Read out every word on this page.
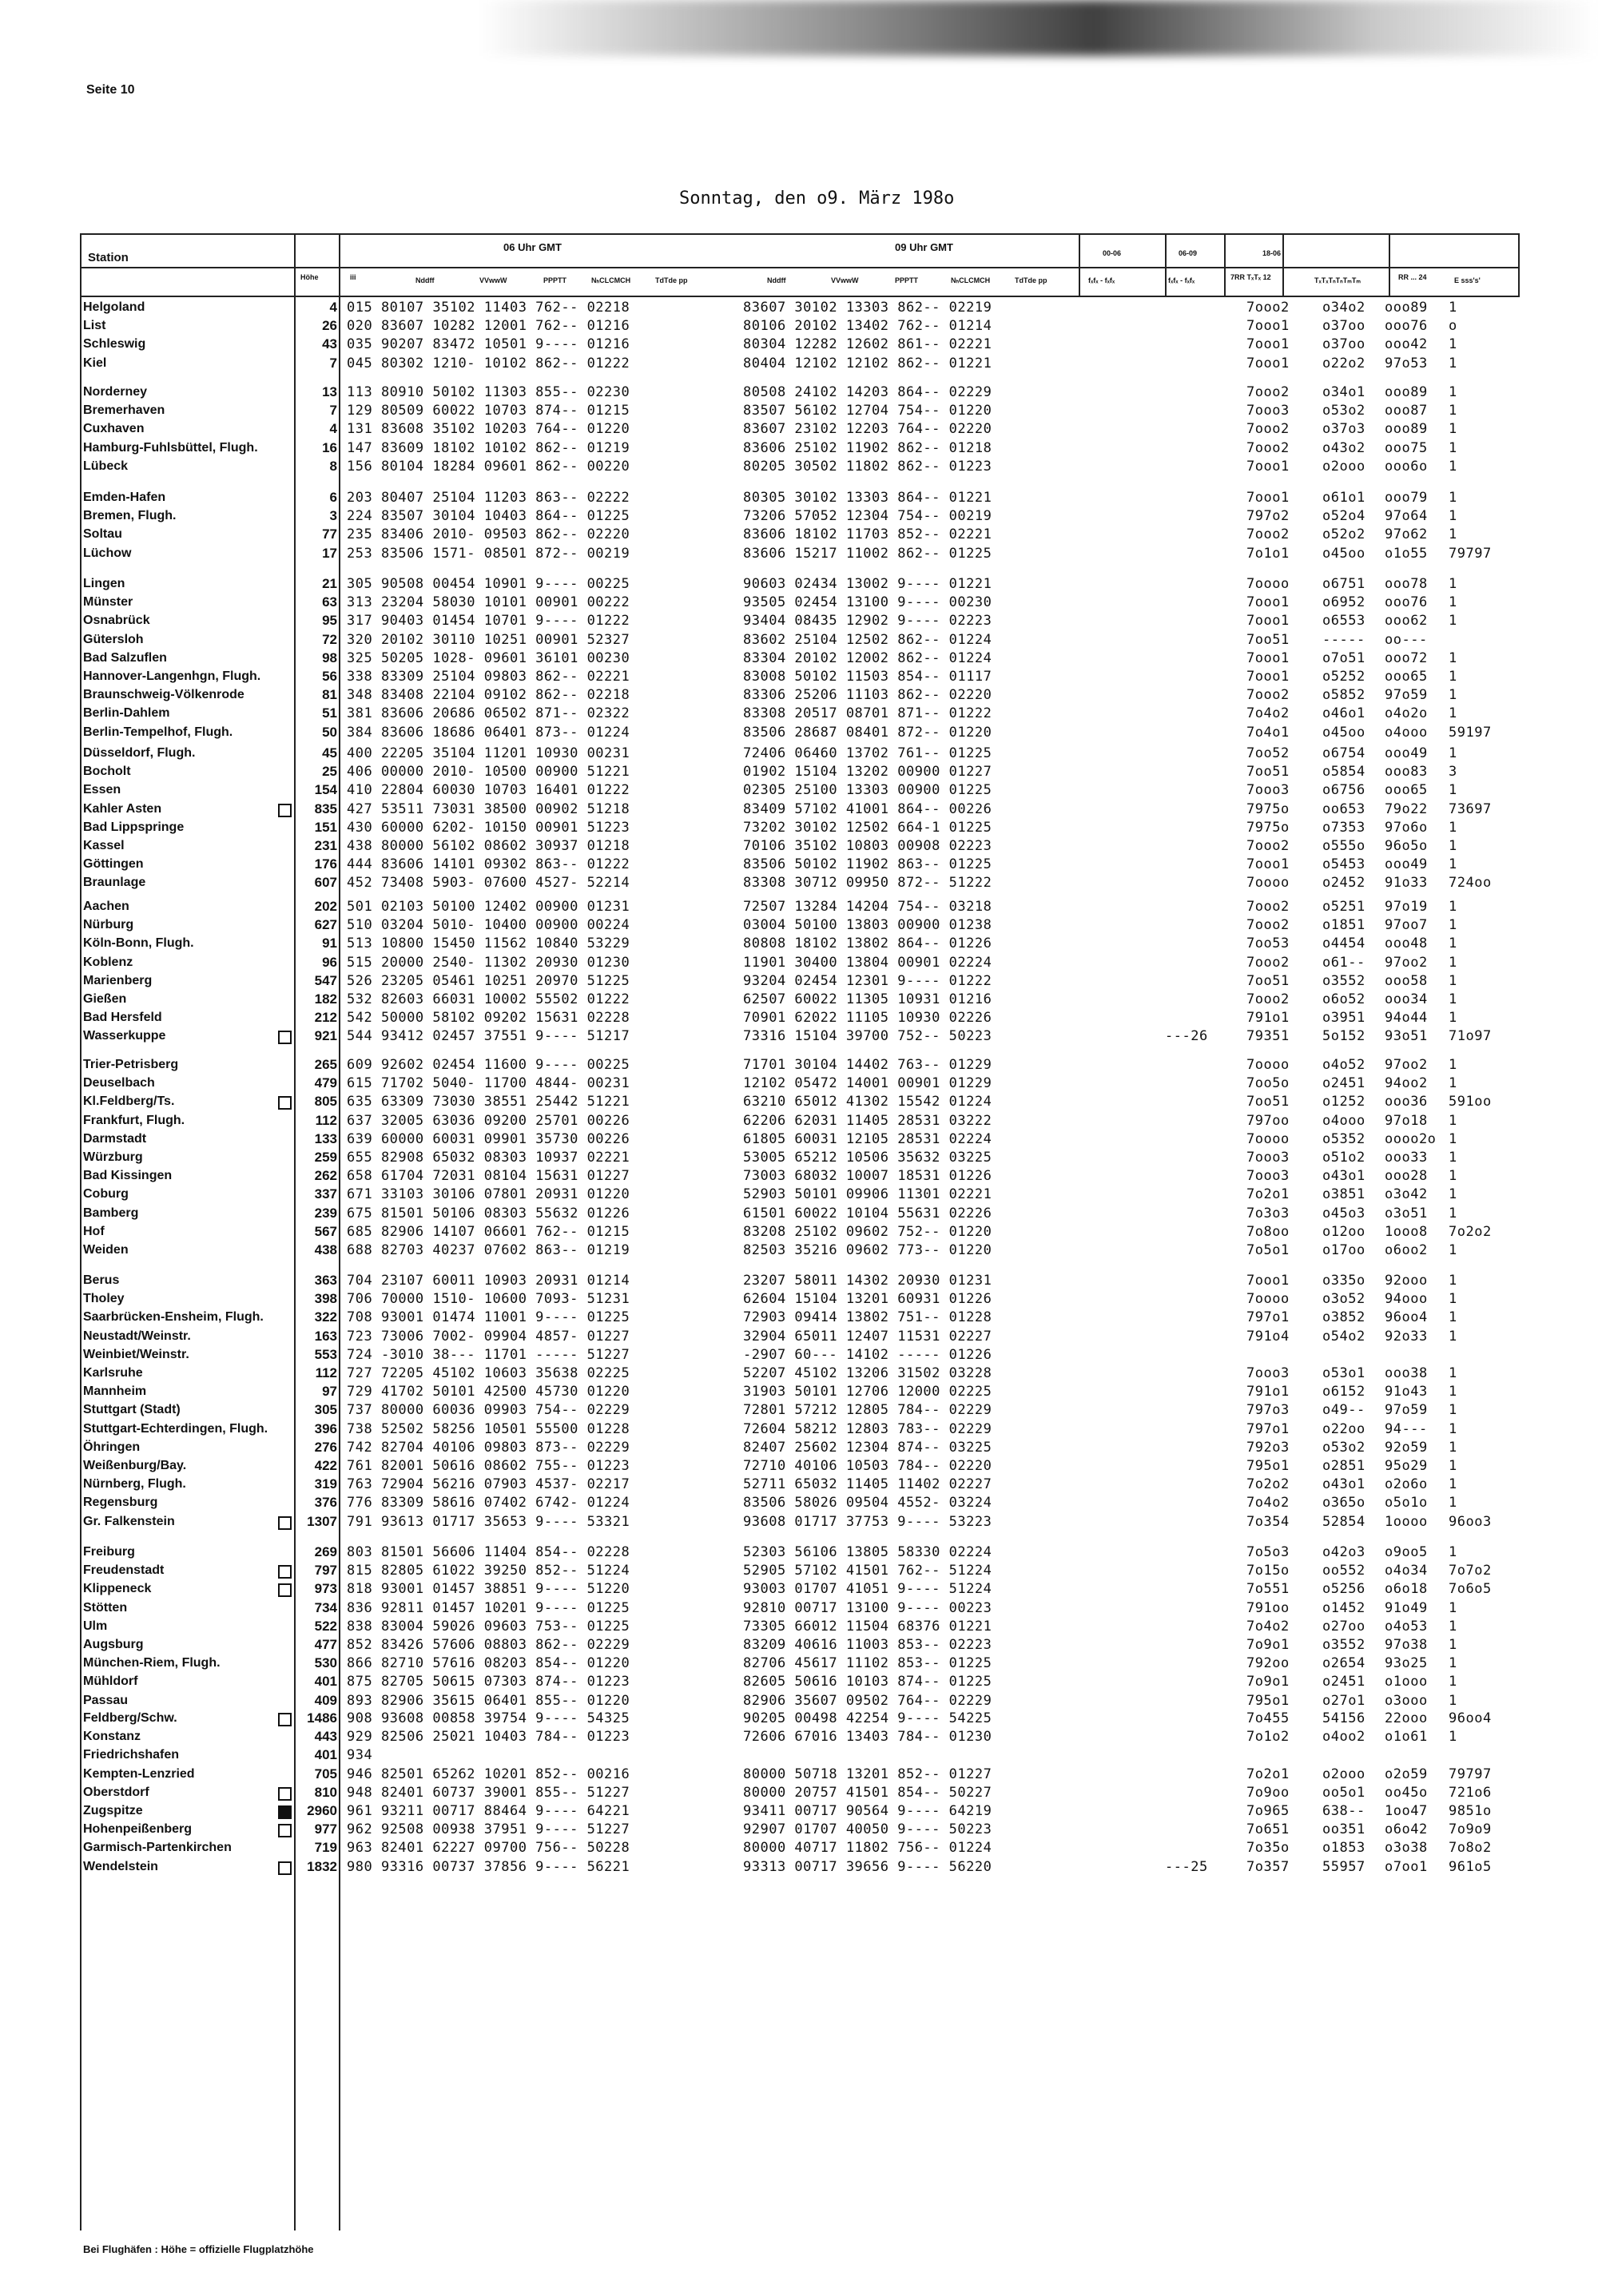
Seite 10
Sonntag, den o9. März 198o
Station
06 Uhr GMT	09 Uhr GMT
Höhe	iii	Nddff	VVwwW	PPPTT	NₕCLCMCH	TdTde pp	Nddff	VVwwW	PPPTT	NₕCLCMCH	TdTde pp
00-06	06-09	18-06
fₓfₓ - fₓfₓ	fₓfₓ - fₓfₓ	7RR TₓTₓ 12	TₓTₓTₙTₙTₘTₘ	RR ... 24	E sss's'
Helgoland	4 015 80107 35102 11403 762-- 02218	83607 30102 13303 862-- 02219	7ooo2 o34o2 ooo89 1
List	26 020 83607 10282 12001 762-- 01216	80106 20102 13402 762-- 01214	7ooo1 o37oo ooo76 o
Schleswig	43 035 90207 83472 10501 9---- 01216	80304 12282 12602 861-- 02221	7ooo1 o37oo ooo42 1
Kiel	7 045 80302 1210- 10102 862-- 01222	80404 12102 12102 862-- 01221	7ooo1 o22o2 97o53 1
Norderney	13 113 80910 50102 11303 855-- 02230	80508 24102 14203 864-- 02229	7ooo2 o34o1 ooo89 1
Bremerhaven	7 129 80509 60022 10703 874-- 01215	83507 56102 12704 754-- 01220	7ooo3 o53o2 ooo87 1
Cuxhaven	4 131 83608 35102 10203 764-- 01220	83607 23102 12203 764-- 02220	7ooo2 o37o3 ooo89 1
Hamburg-Fuhlsbüttel, Flugh.	16 147 83609 18102 10102 862-- 01219	83606 25102 11902 862-- 01218	7ooo2 o43o2 ooo75 1
Lübeck	8 156 80104 18284 09601 862-- 00220	80205 30502 11802 862-- 01223	7ooo1 o2ooo ooo6o 1
Emden-Hafen	6 203 80407 25104 11203 863-- 02222	80305 30102 13303 864-- 01221	7ooo1 o61o1 ooo79 1
Bremen, Flugh.	3 224 83507 30104 10403 864-- 01225	73206 57052 12304 754-- 00219	797o2 o52o4 97o64 1
Soltau	77 235 83406 2010- 09503 862-- 02220	83606 18102 11703 852-- 02221	7ooo2 o52o2 97o62 1
Lüchow	17 253 83506 1571- 08501 872-- 00219	83606 15217 11002 862-- 01225	7o1o1 o45oo o1o55 79797
Lingen	21 305 90508 00454 10901 9---- 00225	90603 02434 13002 9---- 01221	7oooo o6751 ooo78 1
Münster	63 313 23204 58030 10101 00901 00222	93505 02454 13100 9---- 00230	7ooo1 o6952 ooo76 1
Osnabrück	95 317 90403 01454 10701 9---- 01222	93404 08435 12902 9---- 02223	7ooo1 o6553 ooo62 1
Gütersloh	72 320 20102 30110 10251 00901 52327	83602 25104 12502 862-- 01224	7oo51 ----- oo---
Bad Salzuflen	98 325 50205 1028- 09601 36101 00230	83304 20102 12002 862-- 01224	7ooo1 o7o51 ooo72 1
Hannover-Langenhgn, Flugh.	56 338 83309 25104 09803 862-- 02221	83008 50102 11503 854-- 01117	7ooo1 o5252 ooo65 1
Braunschweig-Völkenrode	81 348 83408 22104 09102 862-- 02218	83306 25206 11103 862-- 02220	7ooo2 o5852 97o59 1
Berlin-Dahlem	51 381 83606 20686 06502 871-- 02322	83308 20517 08701 871-- 01222	7o4o2 o46o1 o4o2o 1
Berlin-Tempelhof, Flugh.	50 384 83606 18686 06401 873-- 01224	83506 28687 08401 872-- 01220	7o4o1 o45oo o4ooo 59197
Düsseldorf, Flugh.	45 400 22205 35104 11201 10930 00231	72406 06460 13702 761-- 01225	7oo52 o6754 ooo49 1
Bocholt	25 406 00000 2010- 10500 00900 51221	01902 15104 13202 00900 01227	7oo51 o5854 ooo83 3
Essen	154 410 22804 60030 10703 16401 01222	02305 25100 13303 00900 01225	7ooo3 o6756 ooo65 1
Kahler Asten	835 427 53511 73031 38500 00902 51218	83409 57102 41001 864-- 00226	7975o oo653 79o22 73697
Bad Lippspringe	151 430 60000 6202- 10150 00901 51223	73202 30102 12502 664-1 01225	7975o o7353 97o6o 1
Kassel	231 438 80000 56102 08602 30937 01218	70106 35102 10803 00908 02223	7ooo2 o555o 96o5o 1
Göttingen	176 444 83606 14101 09302 863-- 01222	83506 50102 11902 863-- 01225	7ooo1 o5453 ooo49 1
Braunlage	607 452 73408 5903- 07600 4527- 52214	83308 30712 09950 872-- 51222	7oooo o2452 91o33 724oo
Aachen	202 501 02103 50100 12402 00900 01231	72507 13284 14204 754-- 03218	7ooo2 o5251 97o19 1
Nürburg	627 510 03204 5010- 10400 00900 00224	03004 50100 13803 00900 01238	7ooo2 o1851 97oo7 1
Köln-Bonn, Flugh.	91 513 10800 15450 11562 10840 53229	80808 18102 13802 864-- 01226	7oo53 o4454 ooo48 1
Koblenz	96 515 20000 2540- 11302 20930 01230	11901 30400 13804 00901 02224	7ooo2 o61-- 97oo2 1
Marienberg	547 526 23205 05461 10251 20970 51225	93204 02454 12301 9---- 01222	7oo51 o3552 ooo58 1
Gießen	182 532 82603 66031 10002 55502 01222	62507 60022 11305 10931 01216	7ooo2 o6o52 ooo34 1
Bad Hersfeld	212 542 50000 58102 09202 15631 02228	70901 62022 11105 10930 02226	791o1 o3951 94o44 1
Wasserkuppe	921 544 93412 02457 37551 9---- 51217	73316 15104 39700 752-- 50223	---26	79351 5o152 93o51 71o97
Trier-Petrisberg	265 609 92602 02454 11600 9---- 00225	71701 30104 14402 763-- 01229	7oooo o4o52 97oo2 1
Deuselbach	479 615 71702 5040- 11700 4844- 00231	12102 05472 14001 00901 01229	7oo5o o2451 94oo2 1
Kl.Feldberg/Ts.	805 635 63309 73030 38551 25442 51221	63210 65012 41302 15542 01224	7oo51 o1252 ooo36 591oo
Frankfurt, Flugh.	112 637 32005 63036 09200 25701 00226	62206 62031 11405 28531 03222	797oo o4ooo 97o18 1
Darmstadt	133 639 60000 60031 09901 35730 00226	61805 60031 12105 28531 02224	7oooo o5352 oooo2o 1
Würzburg	259 655 82908 65032 08303 10937 02221	53005 65212 10506 35632 03225	7ooo3 o51o2 ooo33 1
Bad Kissingen	262 658 61704 72031 08104 15631 01227	73003 68032 10007 18531 01226	7ooo3 o43o1 ooo28 1
Coburg	337 671 33103 30106 07801 20931 01220	52903 50101 09906 11301 02221	7o2o1 o3851 o3o42 1
Bamberg	239 675 81501 50106 08303 55632 01226	61501 60022 10104 55631 02226	7o3o3 o45o3 o3o51 1
Hof	567 685 82906 14107 06601 762-- 01215	83208 25102 09602 752-- 01220	7o8oo o12oo 1ooo8 7o2o2
Weiden	438 688 82703 40237 07602 863-- 01219	82503 35216 09602 773-- 01220	7o5o1 o17oo o6oo2 1
Berus	363 704 23107 60011 10903 20931 01214	23207 58011 14302 20930 01231	7ooo1 o335o 92ooo 1
Tholey	398 706 70000 1510- 10600 7093- 51231	62604 15104 13201 60931 01226	7oooo o3o52 94ooo 1
Saarbrücken-Ensheim, Flugh.	322 708 93001 01474 11001 9---- 01225	72903 09414 13802 751-- 01228	797o1 o3852 96oo4 1
Neustadt/Weinstr.	163 723 73006 7002- 09904 4857- 01227	32904 65011 12407 11531 02227	791o4 o54o2 92o33 1
Weinbiet/Weinstr.	553 724 -3010 38--- 11701 ----- 51227	-2907 60--- 14102 ----- 01226
Karlsruhe	112 727 72205 45102 10603 35638 02225	52207 45102 13206 31502 03228	7ooo3 o53o1 ooo38 1
Mannheim	97 729 41702 50101 42500 45730 01220	31903 50101 12706 12000 02225	791o1 o6152 91o43 1
Stuttgart (Stadt)	305 737 80000 60036 09903 754-- 02229	72801 57212 12805 784-- 02229	797o3 o49-- 97o59 1
Stuttgart-Echterdingen, Flugh.	396 738 52502 58256 10501 55500 01228	72604 58212 12803 783-- 02229	797o1 o22oo 94--- 1
Öhringen	276 742 82704 40106 09803 873-- 02229	82407 25602 12304 874-- 03225	792o3 o53o2 92o59 1
Weißenburg/Bay.	422 761 82001 50616 08602 755-- 01223	72710 40106 10503 784-- 02220	795o1 o2851 95o29 1
Nürnberg, Flugh.	319 763 72904 56216 07903 4537- 02217	52711 65032 11405 11402 02227	7o2o2 o43o1 o2o6o 1
Regensburg	376 776 83309 58616 07402 6742- 01224	83506 58026 09504 4552- 03224	7o4o2 o365o o5o1o 1
Gr. Falkenstein	1307 791 93613 01717 35653 9---- 53321	93608 01717 37753 9---- 53223	7o354 52854 1oooo 96oo3
Freiburg	269 803 81501 56606 11404 854-- 02228	52303 56106 13805 58330 02224	7o5o3 o42o3 o9oo5 1
Freudenstadt	797 815 82805 61022 39250 852-- 51224	52905 57102 41501 762-- 51224	7o15o oo552 o4o34 7o7o2
Klippeneck	973 818 93001 01457 38851 9---- 51220	93003 01707 41051 9---- 51224	7o551 o5256 o6o18 7o6o5
Stötten	734 836 92811 01457 10201 9---- 01225	92810 00717 13100 9---- 00223	791oo o1452 91o49 1
Ulm	522 838 83004 59026 09603 753-- 01225	73305 66012 11504 68376 01221	7o4o2 o27oo o4o53 1
Augsburg	477 852 83426 57606 08803 862-- 02229	83209 40616 11003 853-- 02223	7o9o1 o3552 97o38 1
München-Riem, Flugh.	530 866 82710 57616 08203 854-- 01220	82706 45617 11102 853-- 01225	792oo o2654 93o25 1
Mühldorf	401 875 82705 50615 07303 874-- 01223	82605 50616 10103 874-- 01225	7o9o1 o2451 o1ooo 1
Passau	409 893 82906 35615 06401 855-- 01220	82906 35607 09502 764-- 02229	795o1 o27o1 o3ooo 1
Feldberg/Schw.	1486 908 93608 00858 39754 9---- 54325	90205 00498 42254 9---- 54225	7o455 54156 22ooo 96oo4
Konstanz	443 929 82506 25021 10403 784-- 01223	72606 67016 13403 784-- 01230	7o1o2 o4oo2 o1o61 1
Friedrichshafen	401 934
Kempten-Lenzried	705 946 82501 65262 10201 852-- 00216	80000 50718 13201 852-- 01227	7o2o1 o2ooo o2o59 79797
Oberstdorf	810 948 82401 60737 39001 855-- 51227	80000 20757 41501 854-- 50227	7o9oo oo5o1 oo45o 721o6
Zugspitze	2960 961 93211 00717 88464 9---- 64221	93411 00717 90564 9---- 64219	7o965 638-- 1oo47 9851o
Hohenpeißenberg	977 962 92508 00938 37951 9---- 51227	92907 01707 40050 9---- 50223	7o651 oo351 o6o42 7o9o9
Garmisch-Partenkirchen	719 963 82401 62227 09700 756-- 50228	80000 40717 11802 756-- 01224	7o35o o1853 o3o38 7o8o2
Wendelstein	1832 980 93316 00737 37856 9---- 56221	93313 00717 39656 9---- 56220	---25	7o357 55957 o7oo1 961o5
Bei Flughäfen : Höhe = offizielle Flugplatzhöhe
